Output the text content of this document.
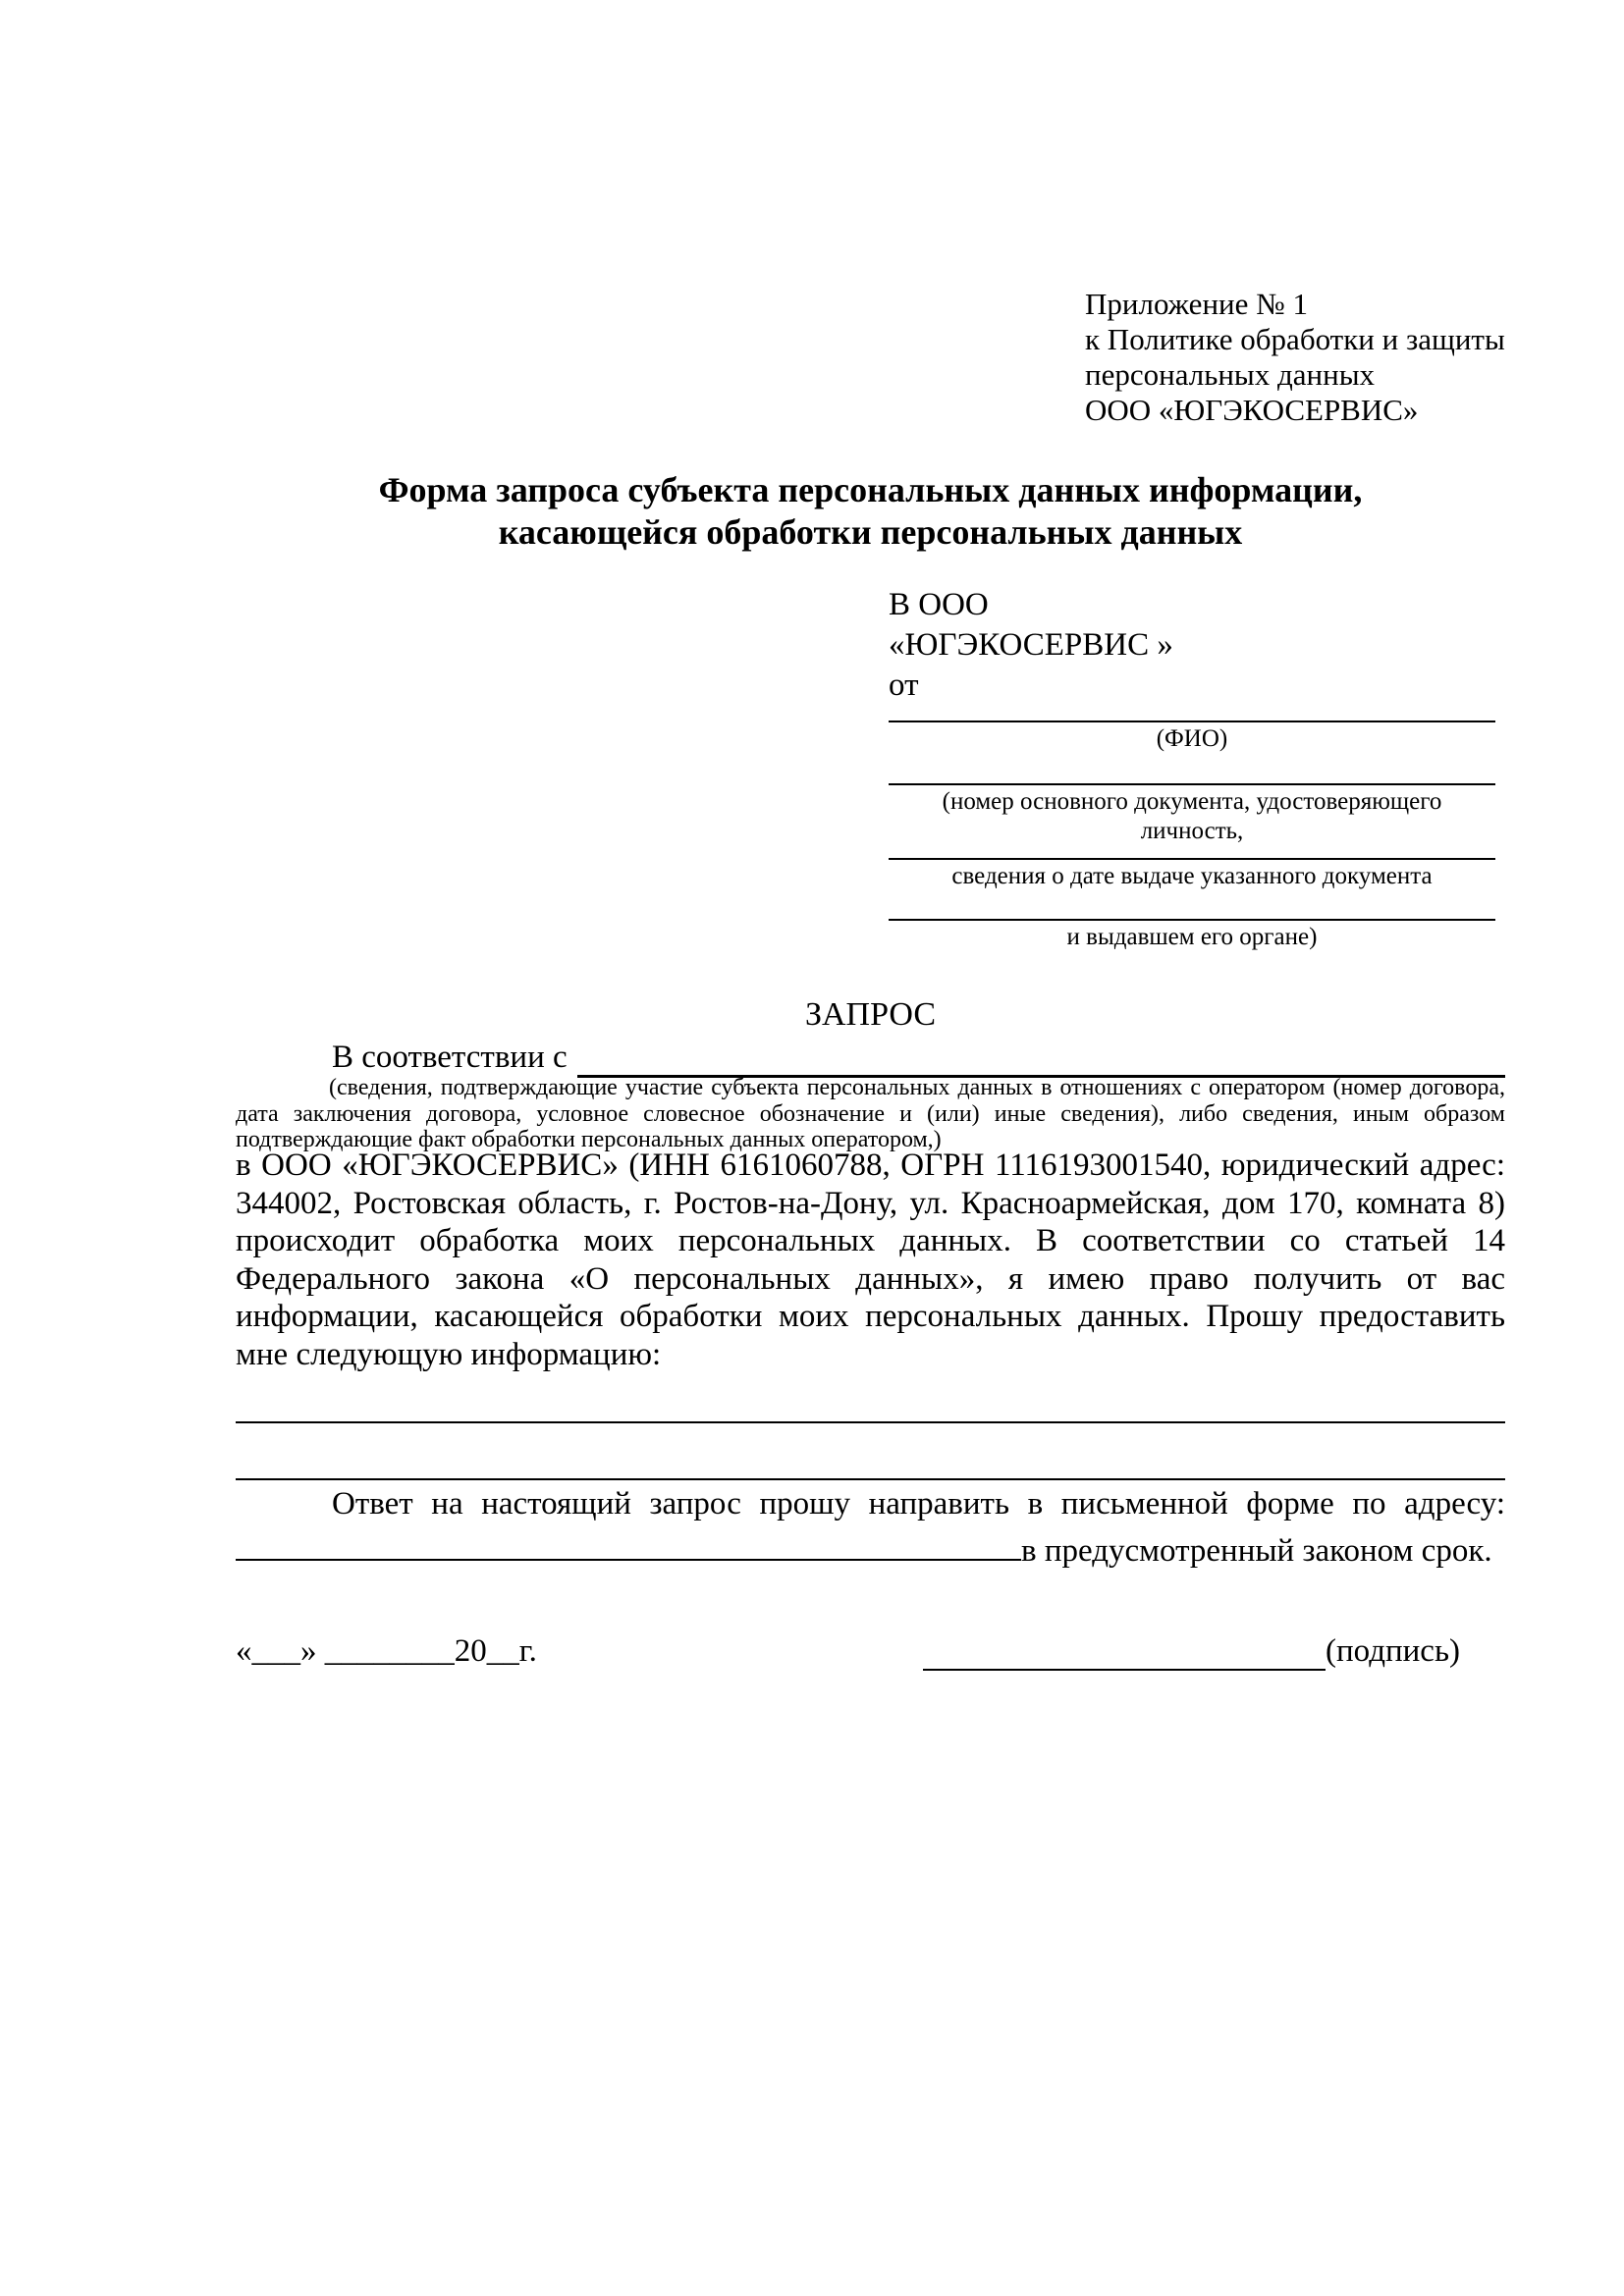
Приложение № 1
к Политике обработки и защиты
персональных данных
ООО «ЮГЭКОСЕРВИС»
Форма запроса субъекта персональных данных информации,
касающейся обработки персональных данных
В ООО
«ЮГЭКОСЕРВИС »
от
(ФИО)
(номер основного документа, удостоверяющего личность,
сведения о дате выдаче указанного документа
и выдавшем его органе)
ЗАПРОС
В соответствии с
(сведения, подтверждающие участие субъекта персональных данных в отношениях с оператором (номер договора, дата заключения договора, условное словесное обозначение и (или) иные сведения), либо сведения, иным образом подтверждающие факт обработки персональных данных оператором,)
в ООО «ЮГЭКОСЕРВИС» (ИНН 6161060788, ОГРН 1116193001540, юридический адрес: 344002, Ростовская область, г. Ростов-на-Дону, ул. Красноармейская, дом 170, комната 8) происходит обработка моих персональных данных. В соответствии со статьей 14 Федерального закона «О персональных данных», я имею право получить от вас информации, касающейся обработки моих персональных данных. Прошу предоставить мне следующую информацию:
Ответ на настоящий запрос прошу направить в письменной форме по адресу: в предусмотренный законом срок.
«___» ________20__г.	(подпись)
